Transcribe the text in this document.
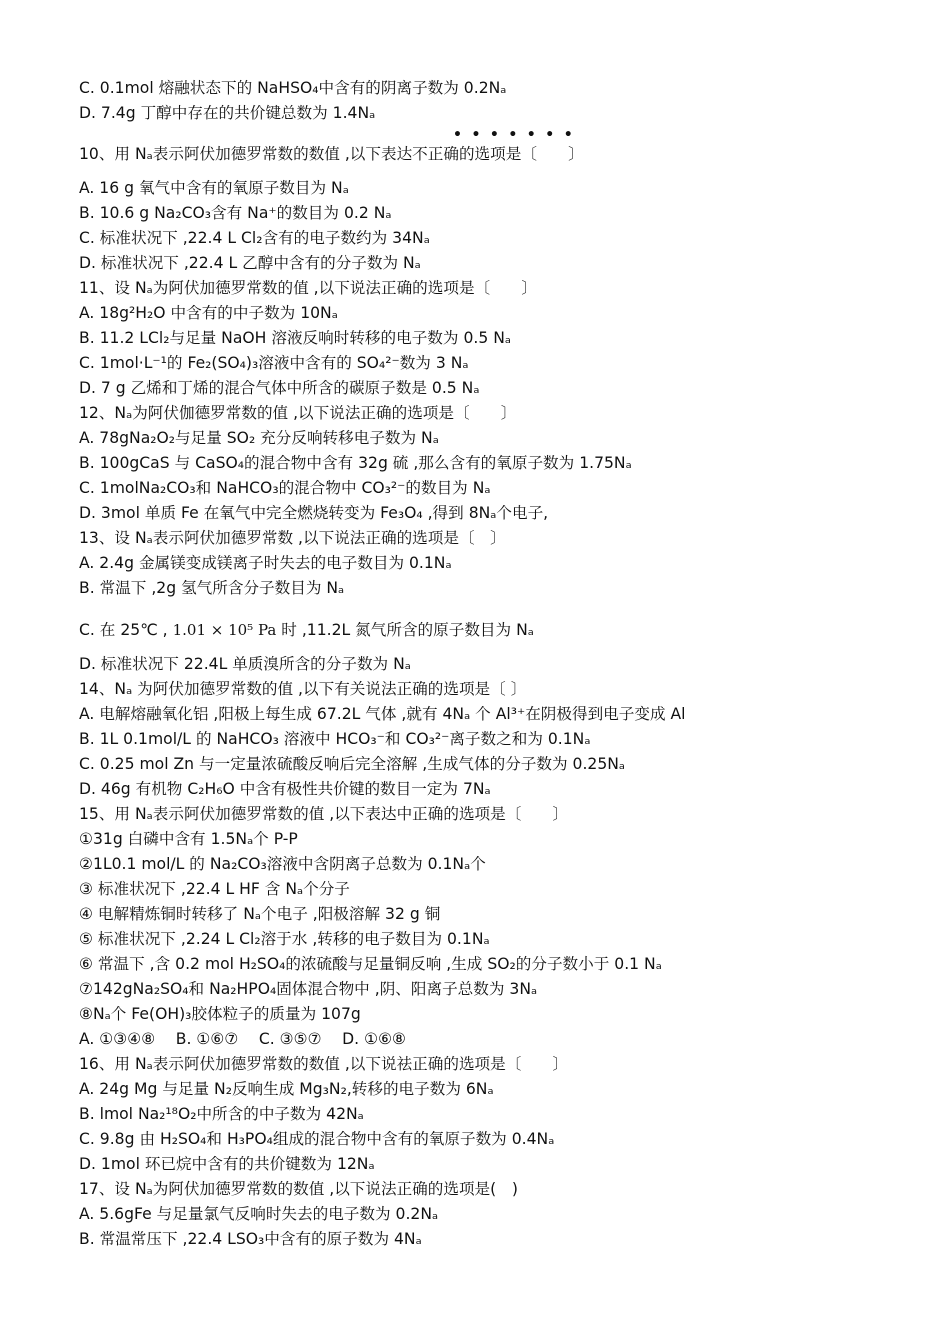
C. 0.1mol 熔融状态下的 NaHSO₄中含有的阴离子数为 0.2Nₐ
D. 7.4g 丁醇中存在的共价键总数为 1.4Nₐ
•••••••
10、用 Nₐ表示阿伏加德罗常数的数值 ,以下表达不正确的选项是〔　　〕
A. 16 g 氧气中含有的氧原子数目为 Nₐ
B. 10.6 g Na₂CO₃含有 Na⁺的数目为 0.2 Nₐ
C. 标准状况下 ,22.4 L Cl₂含有的电子数约为 34Nₐ
D. 标准状况下 ,22.4 L 乙醇中含有的分子数为 Nₐ
11、设 Nₐ为阿伏加德罗常数的值 ,以下说法正确的选项是〔　　〕
A. 18g²H₂O 中含有的中子数为 10Nₐ
B. 11.2 LCl₂与足量 NaOH 溶液反响时转移的电子数为 0.5 Nₐ
C. 1mol·L⁻¹的 Fe₂(SO₄)₃溶液中含有的 SO₄²⁻数为 3 Nₐ
D. 7 g 乙烯和丁烯的混合气体中所含的碳原子数是 0.5 Nₐ
12、Nₐ为阿伏伽德罗常数的值 ,以下说法正确的选项是〔　　〕
A. 78gNa₂O₂与足量 SO₂ 充分反响转移电子数为 Nₐ
B. 100gCaS 与 CaSO₄的混合物中含有 32g 硫 ,那么含有的氧原子数为 1.75Nₐ
C. 1molNa₂CO₃和 NaHCO₃的混合物中 CO₃²⁻的数目为 Nₐ
D. 3mol 单质 Fe 在氧气中完全燃烧转变为 Fe₃O₄ ,得到 8Nₐ个电子,
13、设 Nₐ表示阿伏加德罗常数 ,以下说法正确的选项是〔　〕
A. 2.4g 金属镁变成镁离子时失去的电子数目为 0.1Nₐ
B. 常温下 ,2g 氢气所含分子数目为 Nₐ
C. 在 25℃ , 1.01 × 10⁵ Pa 时 ,11.2L 氮气所含的原子数目为 Nₐ
D. 标准状况下 22.4L 单质溴所含的分子数为 Nₐ
14、Nₐ 为阿伏加德罗常数的值 ,以下有关说法正确的选项是〔 〕
A. 电解熔融氧化铝 ,阳极上每生成 67.2L 气体 ,就有 4Nₐ 个 Al³⁺在阴极得到电子变成 Al
B. 1L 0.1mol/L 的 NaHCO₃ 溶液中 HCO₃⁻和 CO₃²⁻离子数之和为 0.1Nₐ
C. 0.25 mol Zn 与一定量浓硫酸反响后完全溶解 ,生成气体的分子数为 0.25Nₐ
D. 46g 有机物 C₂H₆O 中含有极性共价键的数目一定为 7Nₐ
15、用 Nₐ表示阿伏加德罗常数的值 ,以下表达中正确的选项是〔　　〕
①31g 白磷中含有 1.5Nₐ个 P-P
②1L0.1 mol/L 的 Na₂CO₃溶液中含阴离子总数为 0.1Nₐ个
③ 标准状况下 ,22.4 L HF 含 Nₐ个分子
④ 电解精炼铜时转移了 Nₐ个电子 ,阳极溶解 32 g 铜
⑤ 标准状况下 ,2.24 L Cl₂溶于水 ,转移的电子数目为 0.1Nₐ
⑥ 常温下 ,含 0.2 mol H₂SO₄的浓硫酸与足量铜反响 ,生成 SO₂的分子数小于 0.1 Nₐ
⑦142gNa₂SO₄和 Na₂HPO₄固体混合物中 ,阴、阳离子总数为 3Nₐ
⑧Nₐ个 Fe(OH)₃胶体粒子的质量为 107g
A. ①③④⑧　 B. ①⑥⑦　 C. ③⑤⑦　 D. ①⑥⑧
16、用 Nₐ表示阿伏加德罗常数的数值 ,以下说祛正确的选项是〔　　〕
A. 24g Mg 与足量 N₂反响生成 Mg₃N₂,转移的电子数为 6Nₐ
B. lmol Na₂¹⁸O₂中所含的中子数为 42Nₐ
C. 9.8g 由 H₂SO₄和 H₃PO₄组成的混合物中含有的氧原子数为 0.4Nₐ
D. 1mol 环已烷中含有的共价键数为 12Nₐ
17、设 Nₐ为阿伏加德罗常数的数值 ,以下说法正确的选项是(　)
A. 5.6gFe 与足量氯气反响时失去的电子数为 0.2Nₐ
B. 常温常压下 ,22.4 LSO₃中含有的原子数为 4Nₐ
